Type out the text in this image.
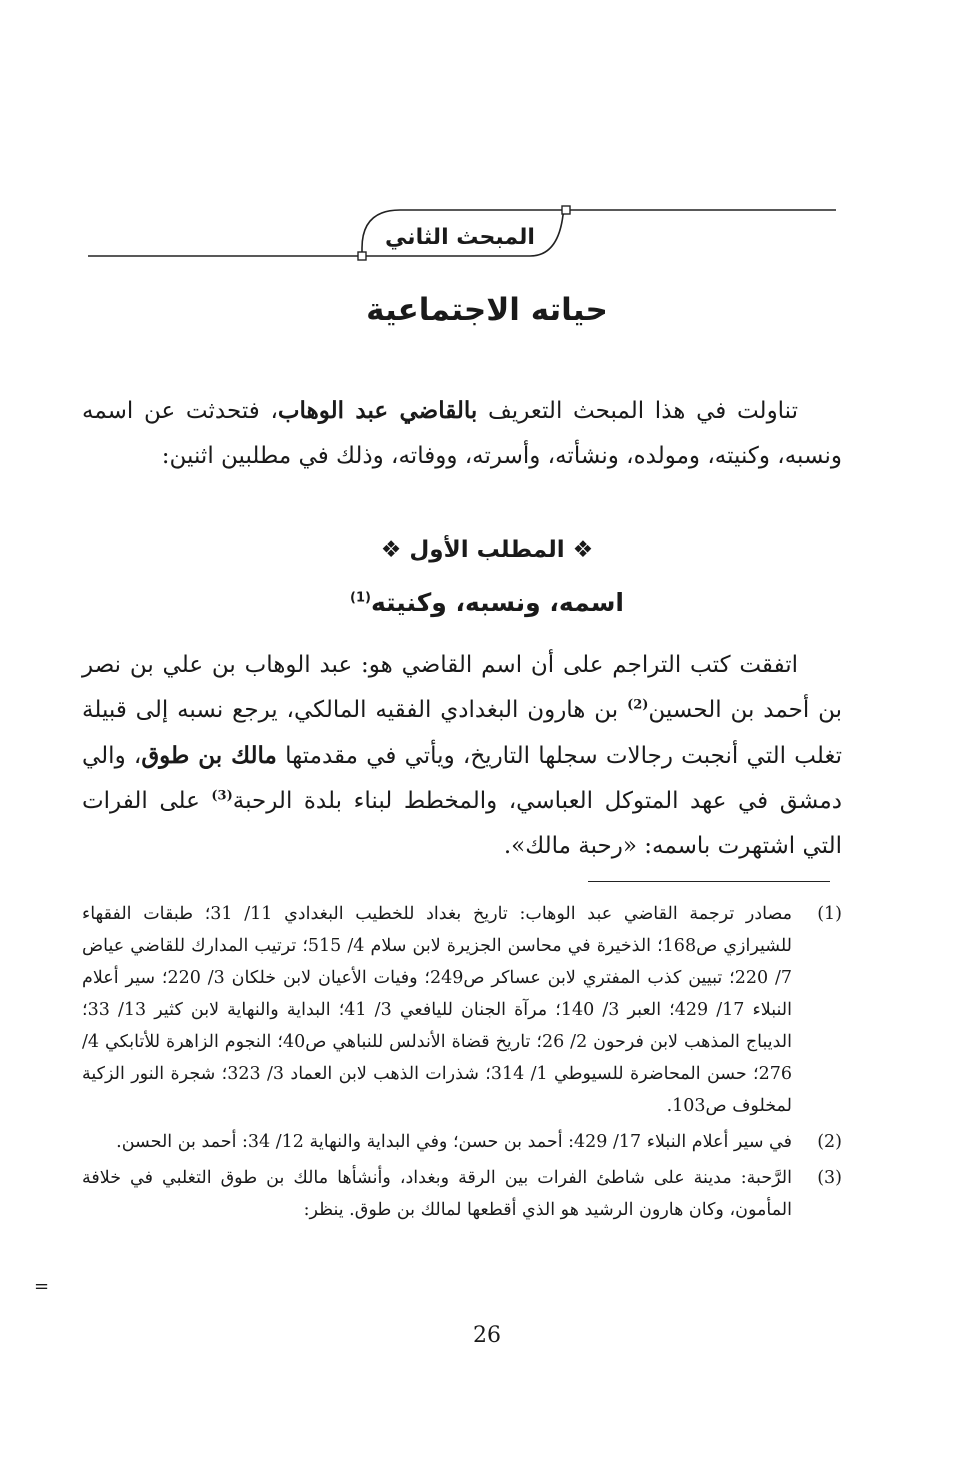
المبحث الثاني
حياته الاجتماعية

تناولت في هذا المبحث التعريف بالقاضي عبد الوهاب، فتحدثت عن اسمه ونسبه، وكنيته، ومولده، ونشأته، وأسرته، ووفاته، وذلك في مطلبين اثنين:

❖ المطلب الأول ❖
اسمه، ونسبه، وكنيته$^{(1)}$

اتفقت كتب التراجم على أن اسم القاضي هو: عبد الوهاب بن علي بن نصر بن أحمد بن الحسين$^{(2)}$ بن هارون البغدادي الفقيه المالكي، يرجع نسبه إلى قبيلة تغلب التي أنجبت رجالات سجلها التاريخ، ويأتي في مقدمتها مالك بن طوق، والي دمشق في عهد المتوكل العباسي، والمخطط لبناء بلدة الرحبة$^{(3)}$ على الفرات التي اشتهرت باسمه: «رحبة مالك».

(1)
مصادر ترجمة القاضي عبد الوهاب: تاريخ بغداد للخطيب البغدادي 11/ 31؛ طبقات الفقهاء للشيرازي ص168؛ الذخيرة في محاسن الجزيرة لابن سلام 4/ 515؛ ترتيب المدارك للقاضي عياض 7/ 220؛ تبيين كذب المفتري لابن عساكر ص249؛ وفيات الأعيان لابن خلكان 3/ 220؛ سير أعلام النبلاء 17/ 429؛ العبر 3/ 140؛ مرآة الجنان لليافعي 3/ 41؛ البداية والنهاية لابن كثير 13/ 33؛ الديباج المذهب لابن فرحون 2/ 26؛ تاريخ قضاة الأندلس للنباهي ص40؛ النجوم الزاهرة للأتابكي 4/ 276؛ حسن المحاضرة للسيوطي 1/ 314؛ شذرات الذهب لابن العماد 3/ 323؛ شجرة النور الزكية لمخلوف ص103.
(2)
في سير أعلام النبلاء 17/ 429: أحمد بن حسن؛ وفي البداية والنهاية 12/ 34: أحمد بن الحسن.
(3)
الرَّحبة: مدينة على شاطئ الفرات بين الرقة وبغداد، وأنشأها مالك بن طوق التغلبي في خلافة المأمون، وكان هارون الرشيد هو الذي أقطعها لمالك بن طوق. ينظر:
=
26
